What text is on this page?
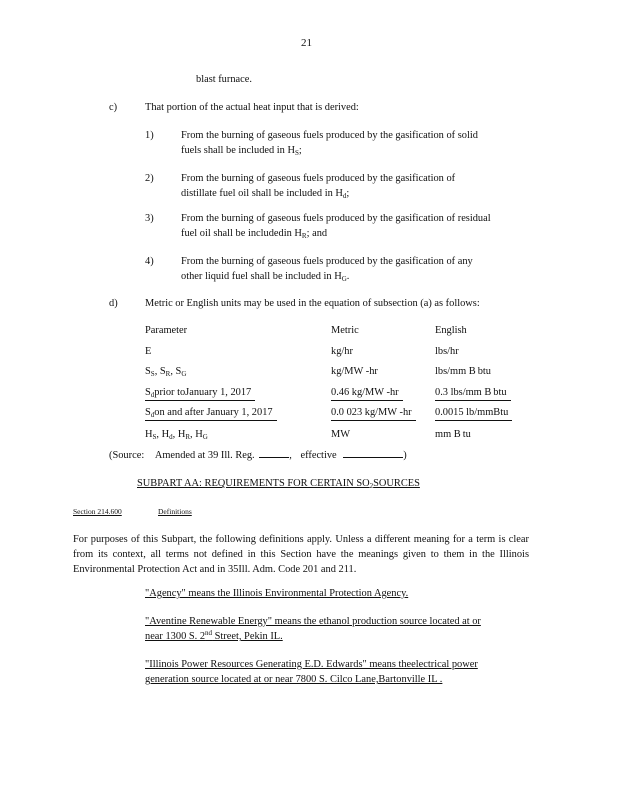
21
blast furnace.
c)	That portion of the actual heat input that is derived:
1)	From the burning of gaseous fuels produced by the gasification of solid
fuels shall be included in $H_S$;
2)	From the burning of gaseous fuels produced by the gasification of
distillate fuel oil shall be included in $H_d$;
3)	From the burning of gaseous fuels produced by the gasification of residual
fuel oil shall be includedin $H_R$; and
4)	From the burning of gaseous fuels produced by the gasification of any
other liquid fuel shall be included in $H_G$.
d)	Metric or English units may be used in the equation of subsection (a) as follows:
Parameter	Metric	English
E	kg/hr	lbs/hr
$S_S$, $S_R$, $S_G$	kg/MW -hr	lbs/mm B btu
$S_dprior$ toJanuary 1, 2017	0.46 kg/MW -hr	0.3 lbs/mm B btu
$S_don$ and after January 1, 2017	0.0 023 kg/MW -hr	0.0015 lb/mmBtu
$H_S$, $H_d$, $H_R$, $H_G$	MW	mm B tu
(Source: Amended at 39 Ill. Reg.	, effective	)
SUBPART AA: REQUIREMENTS FOR CERTAIN $SO_2SOURCES$
Section 214.600	Definitions
For purposes of this Subpart, the following definitions apply. Unless a different meaning for a term is clear from its context, all terms not defined in this Section have the meanings given to them in the Illinois Environmental Protection Act and in 35Ill. Adm. Code 201 and 211.
"Agency" means the Illinois Environmental Protection Agency.
"Aventine Renewable Energy" means the ethanol production source located at or
near 1300 S. 2nd Street, Pekin IL.
"Illinois Power Resources Generating E.D. Edwards" means theelectrical power
generation source located at or near 7800 S. Cilco Lane,Bartonville IL .
